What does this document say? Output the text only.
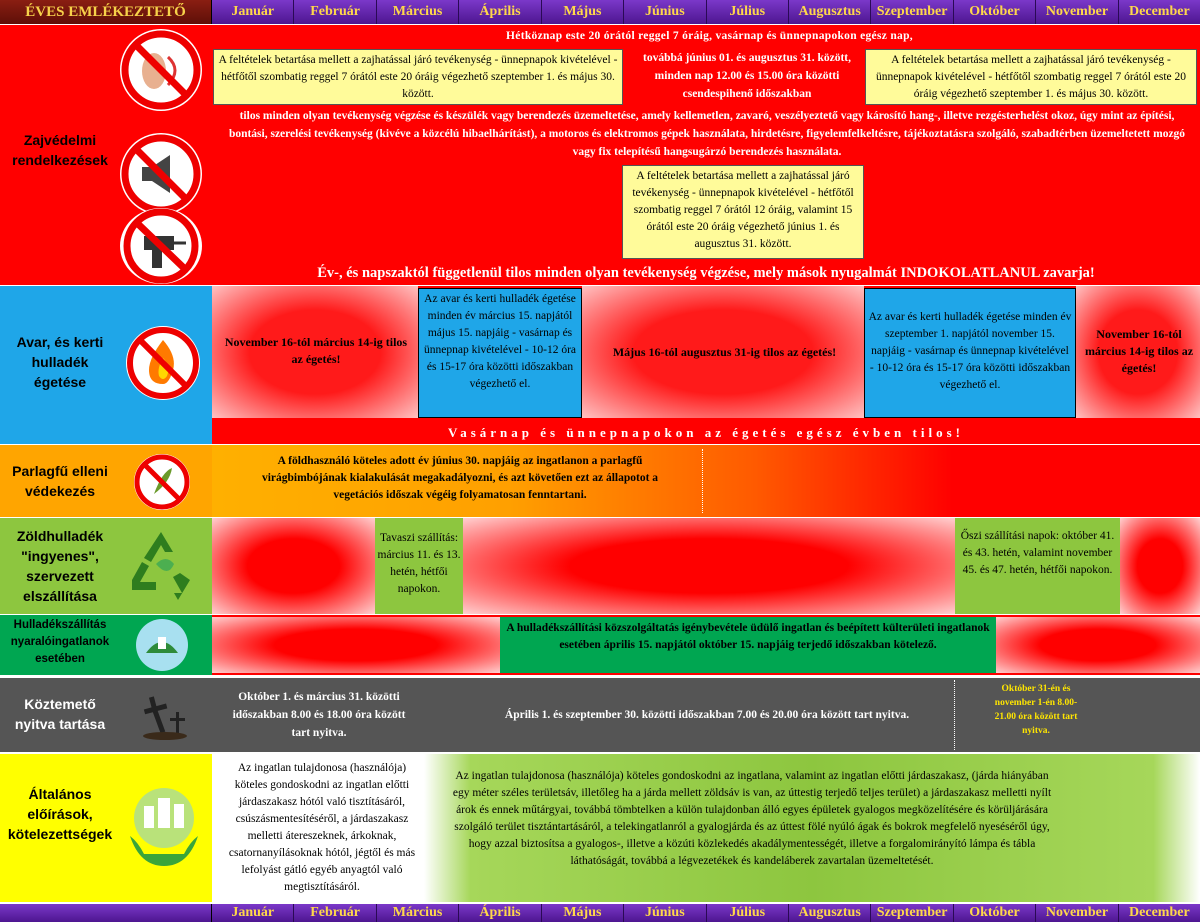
ÉVES EMLÉKEZTETŐ	Január	Február	Március	Április	Május	Június	Július	Augusztus	Szeptember	Október	November	December
Zajvédelmi rendelkezések
Hétköznap este 20 órától reggel 7 óráig, vasárnap és ünnepnapokon egész nap,
A feltételek betartása mellett a zajhatással járó tevékenység - ünnepnapok kivételével - hétfőtől szombatig reggel 7 órától este 20 óráig végezhető szeptember 1. és május 30. között.
továbbá június 01. és augusztus 31. között, minden nap 12.00 és 15.00 óra közötti csendespihenő időszakban
A feltételek betartása mellett a zajhatással járó tevékenység - ünnepnapok kivételével - hétfőtől szombatig reggel 7 órától este 20 óráig végezhető szeptember 1. és május 30. között.
tilos minden olyan tevékenység végzése és készülék vagy berendezés üzemeltetése, amely kellemetlen, zavaró, veszélyeztető vagy károsító hang-, illetve rezgésterhelést okoz, úgy mint az építési, bontási, szerelési tevékenység (kivéve a közcélú hibaelhárítást), a motoros és elektromos gépek használata, hirdetésre, figyelemfelkeltésre, tájékoztatásra szolgáló, szabadtérben üzemeltetett mozgó vagy fix telepítésű hangsugárzó berendezés használata.
A feltételek betartása mellett a zajhatással járó tevékenység - ünnepnapok kivételével - hétfőtől szombatig reggel 7 órától 12 óráig, valamint 15 órától este 20 óráig végezhető június 1. és augusztus 31. között.
Év-, és napszaktól függetlenül tilos minden olyan tevékenység végzése, mely mások nyugalmát INDOKOLATLANUL zavarja!
Avar, és kerti hulladék égetése
November 16-tól március 14-ig tilos az égetés!
Az avar és kerti hulladék égetése minden év március 15. napjától május 15. napjáig - vasárnap és ünnepnap kivételével - 10-12 óra és 15-17 óra közötti időszakban végezhető el.
Május 16-tól augusztus 31-ig tilos az égetés!
Az avar és kerti hulladék égetése minden év szeptember 1. napjától november 15. napjáig - vasárnap és ünnepnap kivételével - 10-12 óra és 15-17 óra közötti időszakban végezhető el.
November 16-tól március 14-ig tilos az égetés!
Vasárnap és ünnepnapokon az égetés egész évben tilos!
Parlagfű elleni védekezés
A földhasználó köteles adott év június 30. napjáig az ingatlanon a parlagfű virágbimbójának kialakulását megakadályozni, és azt követően ezt az állapotot a vegetációs időszak végéig folyamatosan fenntartani.
Zöldhulladék "ingyenes", szervezett elszállítása
Tavaszi szállítás: március 11. és 13. hetén, hétfői napokon.
Őszi szállítási napok: október 41. és 43. hetén, valamint november 45. és 47. hetén, hétfői napokon.
Hulladékszállítás nyaralóingatlanok esetében
A hulladékszállítási közszolgáltatás igénybevétele üdülő ingatlan és beépített külterületi ingatlanok esetében április 15. napjától október 15. napjáig terjedő időszakban kötelező.
Köztemető nyitva tartása
Október 1. és március 31. közötti időszakban 8.00 és 18.00 óra között tart nyitva.
Április 1. és szeptember 30. közötti időszakban 7.00 és 20.00 óra között tart nyitva.
Október 31-én és november 1-én 8.00-21.00 óra között tart nyitva.
Általános előírások, kötelezettségek
Az ingatlan tulajdonosa (használója) köteles gondoskodni az ingatlan előtti járdaszakasz hótól való tisztításáról, csúszásmentesítéséről, a járdaszakasz melletti átereszeknek, árkoknak, csatornanyílásoknak hótól, jégtől és más lefolyást gátló egyéb anyagtól való megtisztításáról.
Az ingatlan tulajdonosa (használója) köteles gondoskodni az ingatlana, valamint az ingatlan előtti járdaszakasz, (járda hiányában egy méter széles területsáv, illetőleg ha a járda mellett zöldsáv is van, az úttestig terjedő teljes terület) a járdaszakasz melletti nyílt árok és ennek műtárgyai, továbbá tömbtelken a külön tulajdonban álló egyes épületek gyalogos megközelítésére és körüljárására szolgáló terület tisztántartásáról, a telekingatlanról a gyalogjárda és az úttest fölé nyúló ágak és bokrok megfelelő nyeséséről úgy, hogy azzal biztosítsa a gyalogos-, illetve a közúti közlekedés akadálymentességét, illetve a forgalomirányító lámpa és tábla láthatóságát, továbbá a légvezetékek és kandeláberek zavartalan üzemeltetését.
Január	Február	Március	Április	Május	Június	Július	Augusztus	Szeptember	Október	November	December
